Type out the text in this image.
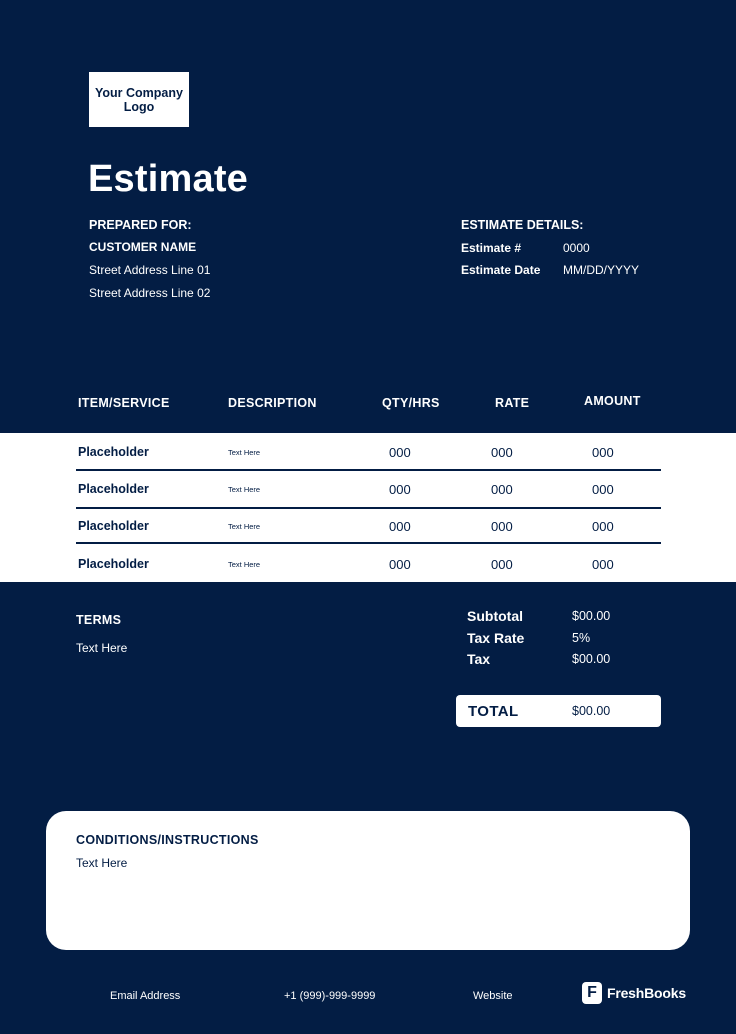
Your Company Logo
Estimate
PREPARED FOR:
CUSTOMER NAME
Street Address Line 01
Street Address Line 02
ESTIMATE DETAILS:
Estimate #	0000
Estimate Date MM/DD/YYYY
ITEM/SERVICE	DESCRIPTION	QTY/HRS	RATE	AMOUNT
Placeholder	Text Here	000	000	000
Placeholder	Text Here	000	000	000
Placeholder	Text Here	000	000	000
Placeholder	Text Here	000	000	000
TERMS
Text Here
Subtotal	$00.00
Tax Rate	5%
Tax	$00.00
TOTAL	$00.00
CONDITIONS/INSTRUCTIONS
Text Here
Email Address	+1 (999)-999-9999	Website	F FreshBooks
